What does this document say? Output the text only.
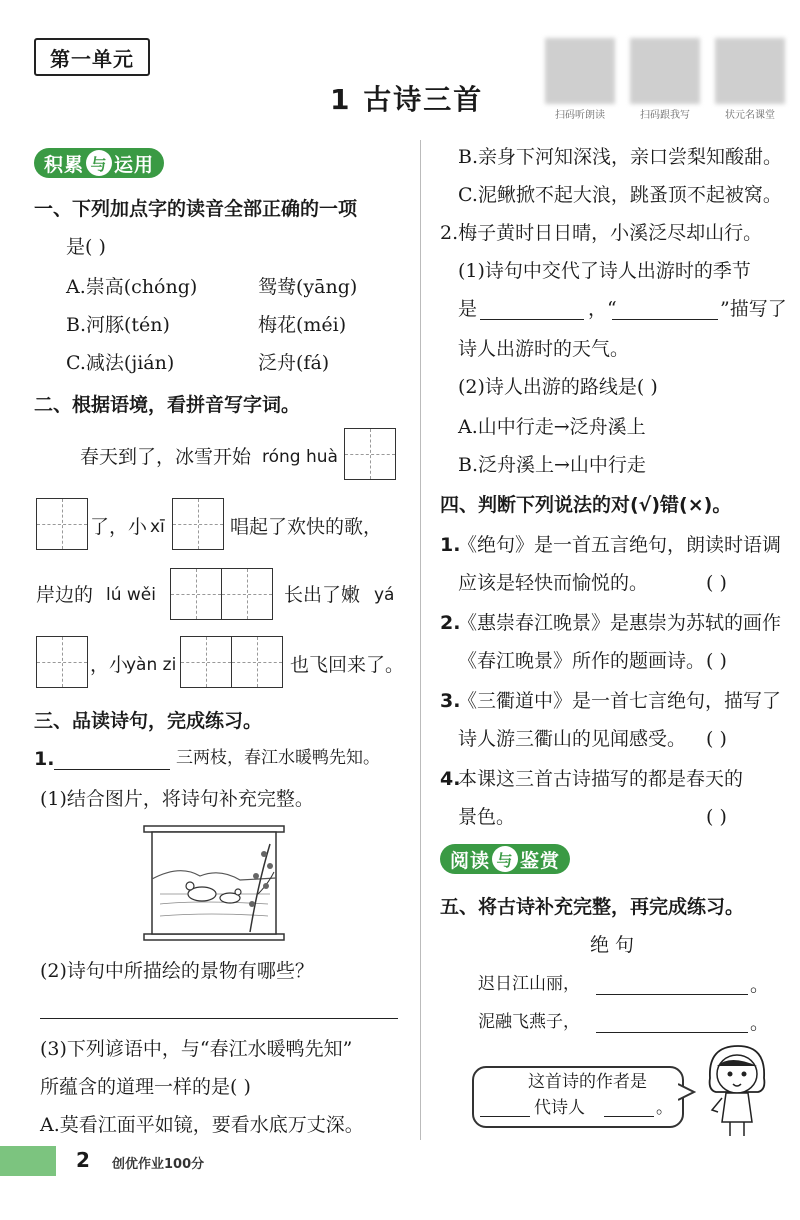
第一单元
1 古诗三首	扫码听朗读	扫码跟我写	状元名课堂
积累 与 运用
一、下列加点字的读音全部正确的一项
是( )
A.崇高(chóng)	鸳鸯(yāng)
B.河豚(tén)	梅花(méi)
C.减法(jián)	泛舟(fá)
二、根据语境，看拼音写字词。
春天到了，冰雪开始 róng huà
了，小 xī	唱起了欢快的歌，
岸边的 lú wěi	长出了嫩 yá
，小
yàn zi	也飞回来了。
三、品读诗句，完成练习。
1.	三两枝，春江水暖鸭先知。
(1)结合图片，将诗句补充完整。
(2)诗句中所描绘的景物有哪些？
(3)下列谚语中，与“春江水暖鸭先知”
所蕴含的道理一样的是( )
A.莫看江面平如镜，要看水底万丈深。
B.亲身下河知深浅，亲口尝梨知酸甜。
C.泥鳅掀不起大浪，跳蚤顶不起被窝。
2.梅子黄时日日晴，小溪泛尽却山行。
(1)诗句中交代了诗人出游时的季节
是	，“	”描写了
诗人出游时的天气。
(2)诗人出游的路线是( )
A.山中行走→泛舟溪上
B.泛舟溪上→山中行走
四、判断下列说法的对(√)错(×)。
1.
《绝句》是一首五言绝句，朗读时语调
应该是轻快而愉悦的。	( )
2.
《惠崇春江晚景》是惠崇为苏轼的画作
《春江晚景》所作的题画诗。 ( )
3.
《三衢道中》是一首七言绝句，描写了
诗人游三衢山的见闻感受。 ( )
4.
本课这三首古诗描写的都是春天的
景色。	( )
阅读 与 鉴赏
五、将古诗补充完整，再完成练习。
绝 句
迟日江山丽，	。
泥融飞燕子，	。
这首诗的作者是
代诗人	。
2 创优作业100分
